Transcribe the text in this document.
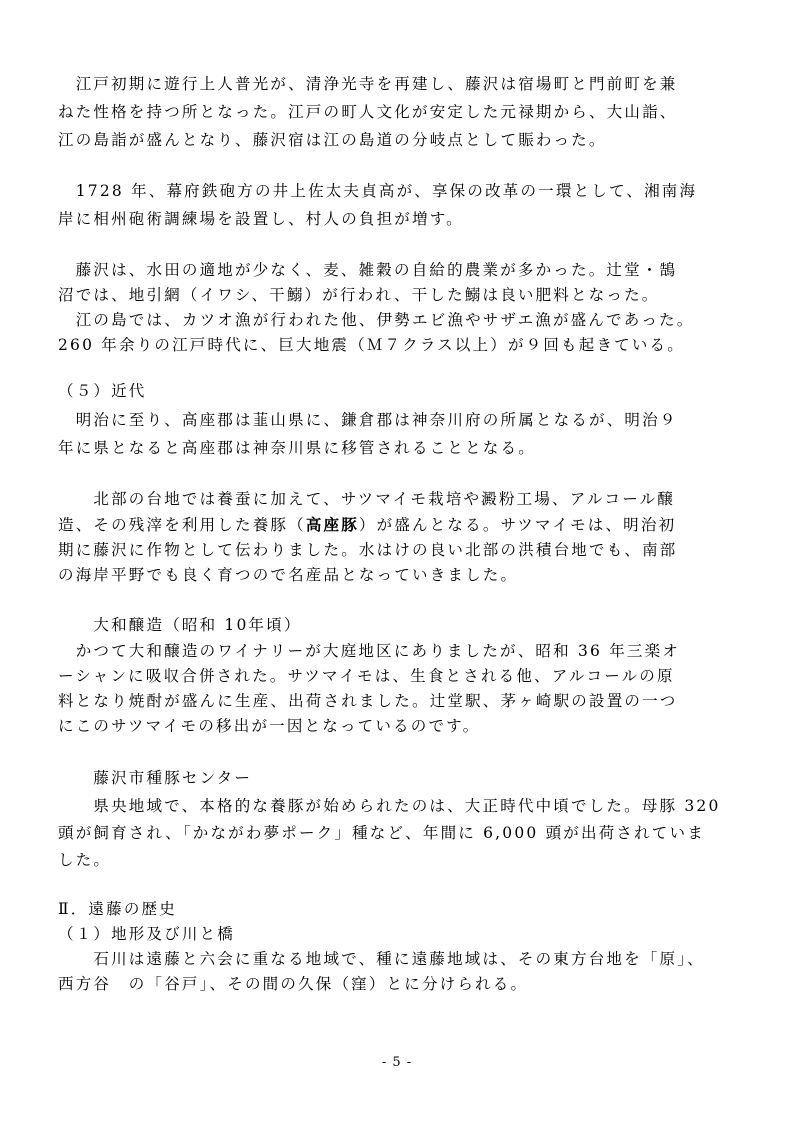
　江戸初期に遊行上人普光が、清浄光寺を再建し、藤沢は宿場町と門前町を兼
ねた性格を持つ所となった。江戸の町人文化が安定した元禄期から、大山詣、
江の島詣が盛んとなり、藤沢宿は江の島道の分岐点として賑わった。
　1728 年、幕府鉄砲方の井上佐太夫貞高が、享保の改革の一環として、湘南海
岸に相州砲術調練場を設置し、村人の負担が増す。
　藤沢は、水田の適地が少なく、麦、雑穀の自給的農業が多かった。辻堂・鵠
沼では、地引網（イワシ、干鰯）が行われ、干した鰯は良い肥料となった。
　江の島では、カツオ漁が行われた他、伊勢エビ漁やサザエ漁が盛んであった。
260 年余りの江戸時代に、巨大地震（Ｍ７クラス以上）が９回も起きている。
（５）近代
　明治に至り、高座郡は韮山県に、鎌倉郡は神奈川府の所属となるが、明治９
年に県となると高座郡は神奈川県に移管されることとなる。
　　北部の台地では養蚕に加えて、サツマイモ栽培や澱粉工場、アルコール醸
造、その残滓を利用した養豚（高座豚）が盛んとなる。サツマイモは、明治初
期に藤沢に作物として伝わりました。水はけの良い北部の洪積台地でも、南部
の海岸平野でも良く育つので名産品となっていきました。
　　大和醸造（昭和 10年頃）
　かつて大和醸造のワイナリーが大庭地区にありましたが、昭和 36 年三楽オ
ーシャンに吸収合併された。サツマイモは、生食とされる他、アルコールの原
料となり焼酎が盛んに生産、出荷されました。辻堂駅、茅ヶ崎駅の設置の一つ
にこのサツマイモの移出が一因となっているのです。
　　藤沢市種豚センター
　　県央地域で、本格的な養豚が始められたのは、大正時代中頃でした。母豚 320
頭が飼育され、「かながわ夢ポーク」種など、年間に 6,000 頭が出荷されていま
した。
Ⅱ．遠藤の歴史
（１）地形及び川と橋
　　石川は遠藤と六会に重なる地域で、種に遠藤地域は、その東方台地を「原」、
西方谷　の「谷戸」、その間の久保（窪）とに分けられる。
- 5 -
